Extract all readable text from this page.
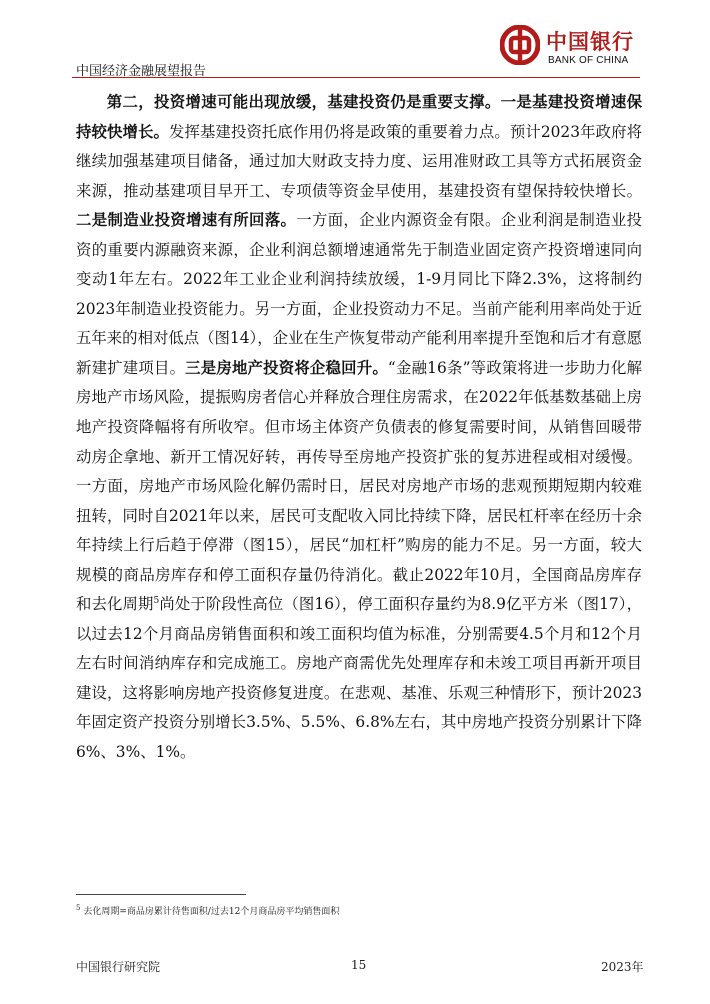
中国银行
BANK OF CHINA
中国经济金融展望报告

第二，投资增速可能出现放缓，基建投资仍是重要支撑。一是基建投资增速保持较快增长。发挥基建投资托底作用仍将是政策的重要着力点。预计2023年政府将继续加强基建项目储备，通过加大财政支持力度、运用准财政工具等方式拓展资金来源，推动基建项目早开工、专项债等资金早使用，基建投资有望保持较快增长。二是制造业投资增速有所回落。一方面，企业内源资金有限。企业利润是制造业投资的重要内源融资来源，企业利润总额增速通常先于制造业固定资产投资增速同向变动1年左右。2022年工业企业利润持续放缓，1-9月同比下降2.3%，这将制约2023年制造业投资能力。另一方面，企业投资动力不足。当前产能利用率尚处于近五年来的相对低点（图14），企业在生产恢复带动产能利用率提升至饱和后才有意愿新建扩建项目。三是房地产投资将企稳回升。“金融16条”等政策将进一步助力化解房地产市场风险，提振购房者信心并释放合理住房需求，在2022年低基数基础上房地产投资降幅将有所收窄。但市场主体资产负债表的修复需要时间，从销售回暖带动房企拿地、新开工情况好转，再传导至房地产投资扩张的复苏进程或相对缓慢。一方面，房地产市场风险化解仍需时日，居民对房地产市场的悲观预期短期内较难扭转，同时自2021年以来，居民可支配收入同比持续下降，居民杠杆率在经历十余年持续上行后趋于停滞（图15），居民“加杠杆”购房的能力不足。另一方面，较大规模的商品房库存和停工面积存量仍待消化。截止2022年10月，全国商品房库存和去化周期$^5$尚处于阶段性高位（图16），停工面积存量约为8.9亿平方米（图17），以过去12个月商品房销售面积和竣工面积均值为标准，分别需要4.5个月和12个月左右时间消纳库存和完成施工。房地产商需优先处理库存和未竣工项目再新开项目建设，这将影响房地产投资修复进度。在悲观、基准、乐观三种情形下，预计2023年固定资产投资分别增长3.5%、5.5%、6.8%左右，其中房地产投资分别累计下降6%、3%、1%。

$^5$ 去化周期=商品房累计待售面积/过去12个月商品房平均销售面积
中国银行研究院	15	2023年
